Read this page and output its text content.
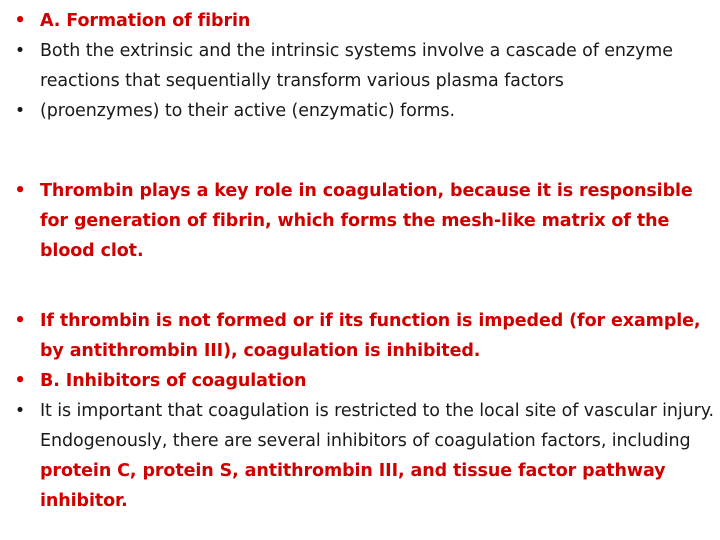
• A. Formation of fibrin
• Both the extrinsic and the intrinsic systems involve a cascade of enzyme reactions that sequentially transform various plasma factors
• (proenzymes) to their active (enzymatic) forms.
• Thrombin plays a key role in coagulation, because it is responsible for generation of fibrin, which forms the mesh-like matrix of the blood clot.
• If thrombin is not formed or if its function is impeded (for example, by antithrombin III), coagulation is inhibited.
• B. Inhibitors of coagulation
• It is important that coagulation is restricted to the local site of vascular injury. Endogenously, there are several inhibitors of coagulation factors, including protein C, protein S, antithrombin III, and tissue factor pathway inhibitor.
